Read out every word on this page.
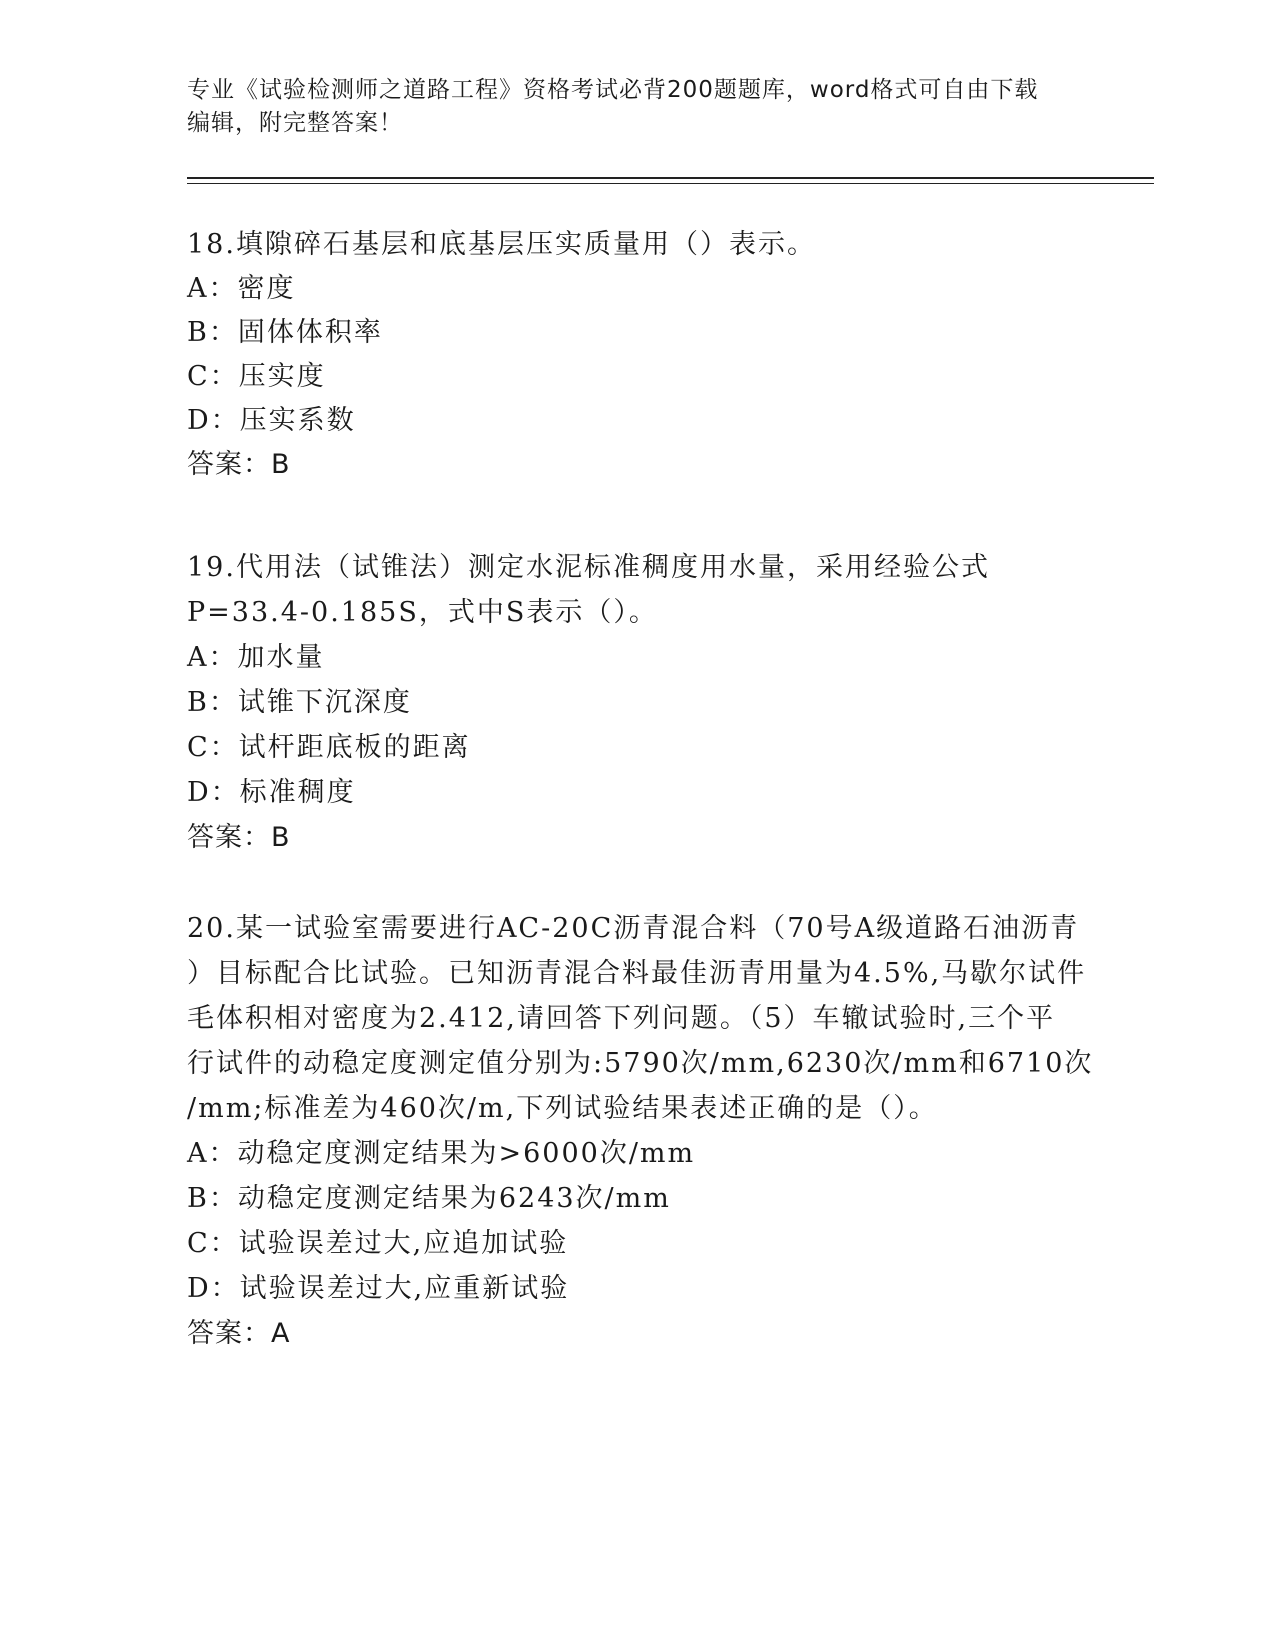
专业《试验检测师之道路工程》资格考试必背200题题库，word格式可自由下载
编辑，附完整答案！
18.填隙碎石基层和底基层压实质量用（）表示。
A：密度
B：固体体积率
C：压实度
D：压实系数
答案：B
19.代用法（试锥法）测定水泥标准稠度用水量，采用经验公式
P=33.4-0.185S，式中S表示（）。
A：加水量
B：试锥下沉深度
C：试杆距底板的距离
D：标准稠度
答案：B
20.某一试验室需要进行AC-20C沥青混合料（70号A级道路石油沥青
）目标配合比试验。已知沥青混合料最佳沥青用量为4.5%,马歇尔试件
毛体积相对密度为2.412,请回答下列问题。（5）车辙试验时,三个平
行试件的动稳定度测定值分别为:5790次/mm,6230次/mm和6710次
/mm;标准差为460次/m,下列试验结果表述正确的是（）。
A：动稳定度测定结果为>6000次/mm
B：动稳定度测定结果为6243次/mm
C：试验误差过大,应追加试验
D：试验误差过大,应重新试验
答案：A
